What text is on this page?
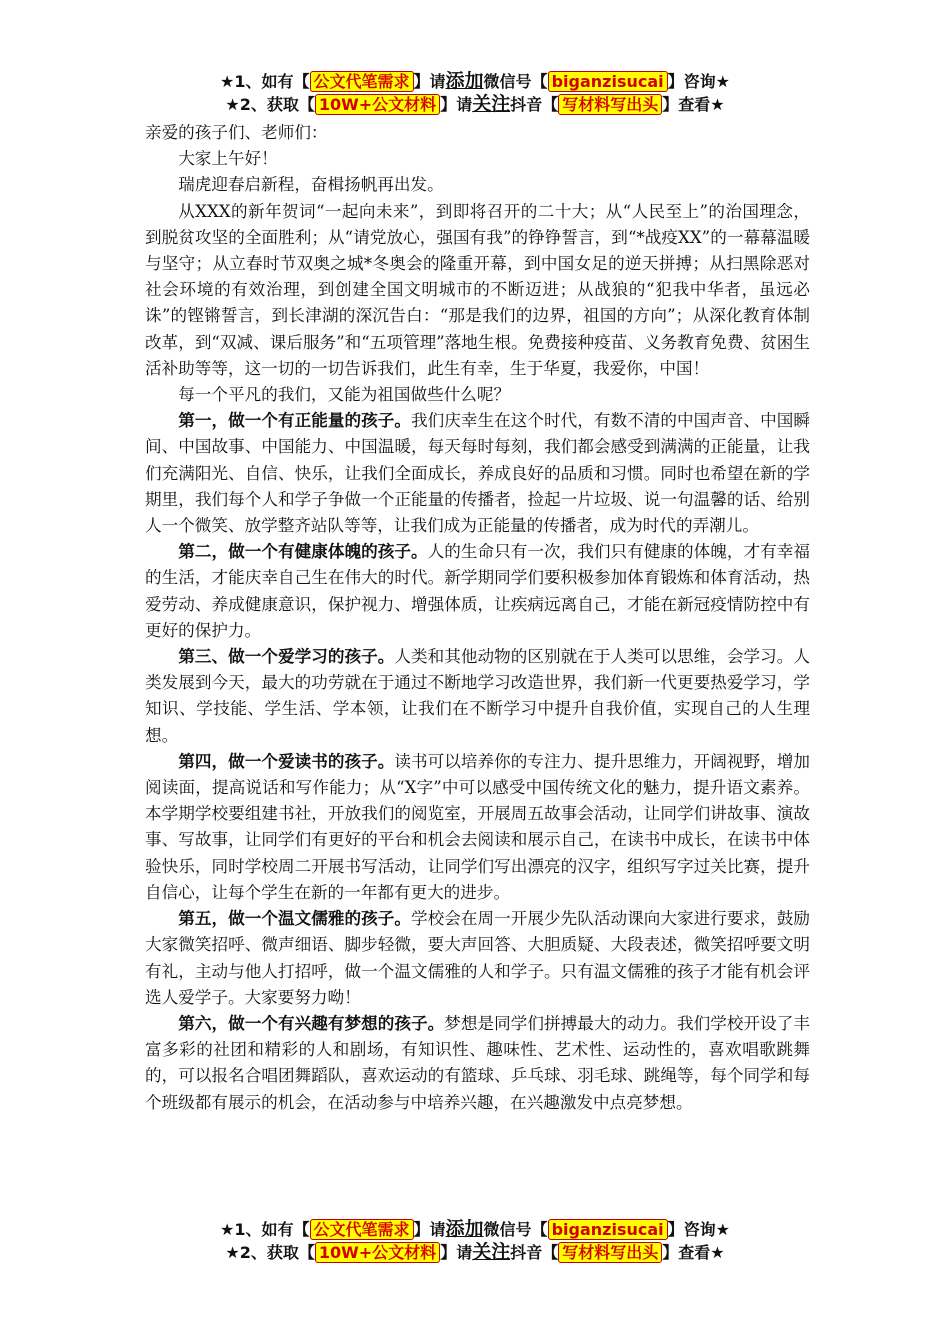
★1、如有【 公文代笔需求 】请添加微信号【 biganzisucai 】咨询★
★2、获取【 10W+公文材料 】请关注抖音【 写材料写出头 】查看★

亲爱的孩子们、老师们：

大家上午好！

瑞虎迎春启新程，奋楫扬帆再出发。

从XXX的新年贺词“一起向未来”，到即将召开的二十大；从“人民至上”的治国理念，到脱贫攻坚的全面胜利；从“请党放心，强国有我”的铮铮誓言，到“*战疫XX”的一幕幕温暖与坚守；从立春时节双奥之城*冬奥会的隆重开幕，到中国女足的逆天拼搏；从扫黑除恶对社会环境的有效治理，到创建全国文明城市的不断迈进；从战狼的“犯我中华者，虽远必诛”的铿锵誓言，到长津湖的深沉告白：“那是我们的边界，祖国的方向”；从深化教育体制改革，到“双减、课后服务”和“五项管理”落地生根。免费接种疫苗、义务教育免费、贫困生活补助等等，这一切的一切告诉我们，此生有幸，生于华夏，我爱你，中国！

每一个平凡的我们，又能为祖国做些什么呢？

第一，做一个有正能量的孩子。我们庆幸生在这个时代，有数不清的中国声音、中国瞬间、中国故事、中国能力、中国温暖，每天每时每刻，我们都会感受到满满的正能量，让我们充满阳光、自信、快乐，让我们全面成长，养成良好的品质和习惯。同时也希望在新的学期里，我们每个人和学子争做一个正能量的传播者，捡起一片垃圾、说一句温馨的话、给别人一个微笑、放学整齐站队等等，让我们成为正能量的传播者，成为时代的弄潮儿。

第二，做一个有健康体魄的孩子。人的生命只有一次，我们只有健康的体魄，才有幸福的生活，才能庆幸自己生在伟大的时代。新学期同学们要积极参加体育锻炼和体育活动，热爱劳动、养成健康意识，保护视力、增强体质，让疾病远离自己，才能在新冠疫情防控中有更好的保护力。

第三、做一个爱学习的孩子。人类和其他动物的区别就在于人类可以思维，会学习。人类发展到今天，最大的功劳就在于通过不断地学习改造世界，我们新一代更要热爱学习，学知识、学技能、学生活、学本领，让我们在不断学习中提升自我价值，实现自己的人生理想。

第四，做一个爱读书的孩子。读书可以培养你的专注力、提升思维力，开阔视野，增加阅读面，提高说话和写作能力；从“X字”中可以感受中国传统文化的魅力，提升语文素养。本学期学校要组建书社，开放我们的阅览室，开展周五故事会活动，让同学们讲故事、演故事、写故事，让同学们有更好的平台和机会去阅读和展示自己，在读书中成长，在读书中体验快乐，同时学校周二开展书写活动，让同学们写出漂亮的汉字，组织写字过关比赛，提升自信心，让每个学生在新的一年都有更大的进步。

第五，做一个温文儒雅的孩子。学校会在周一开展少先队活动课向大家进行要求，鼓励大家微笑招呼、微声细语、脚步轻微，要大声回答、大胆质疑、大段表述，微笑招呼要文明有礼，主动与他人打招呼，做一个温文儒雅的人和学子。只有温文儒雅的孩子才能有机会评选人爱学子。大家要努力呦！

第六，做一个有兴趣有梦想的孩子。梦想是同学们拼搏最大的动力。我们学校开设了丰富多彩的社团和精彩的人和剧场，有知识性、趣味性、艺术性、运动性的，喜欢唱歌跳舞的，可以报名合唱团舞蹈队，喜欢运动的有篮球、乒乓球、羽毛球、跳绳等，每个同学和每个班级都有展示的机会，在活动参与中培养兴趣，在兴趣激发中点亮梦想。

★1、如有【 公文代笔需求 】请添加微信号【 biganzisucai 】咨询★
★2、获取【 10W+公文材料 】请关注抖音【 写材料写出头 】查看★
